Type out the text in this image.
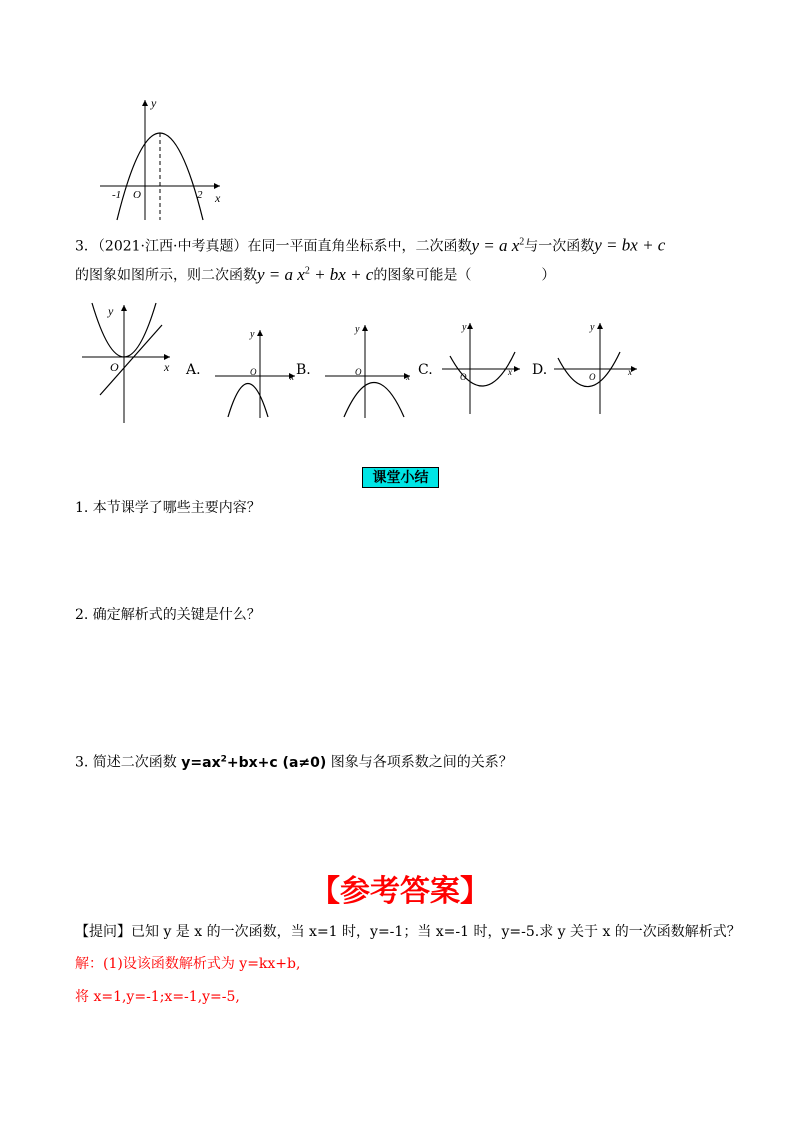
y
x
O
-1	2
3．（2021·江西·中考真题）在同一平面直角坐标系中，二次函数y = a $x^2$与一次函数y = bx + c
的图象如图所示，则二次函数y = a $x^2$ + bx + c的图象可能是（　　　　　）
y
x
O	A.
y
x
O	B.
y
x
O	C.
y
x
O	D.
y
x
O
课堂小结
1. 本节课学了哪些主要内容？
2. 确定解析式的关键是什么？
3. 简述二次函数 $y=ax^2+bx+c$ (a≠0) 图象与各项系数之间的关系？
【参考答案】
【提问】已知 y 是 x 的一次函数，当 x=1 时，y=-1；当 x=-1 时，y=-5.求 y 关于 x 的一次函数解析式？
解：(1)设该函数解析式为 y=kx+b,
将 x=1,y=-1;x=-1,y=-5,
